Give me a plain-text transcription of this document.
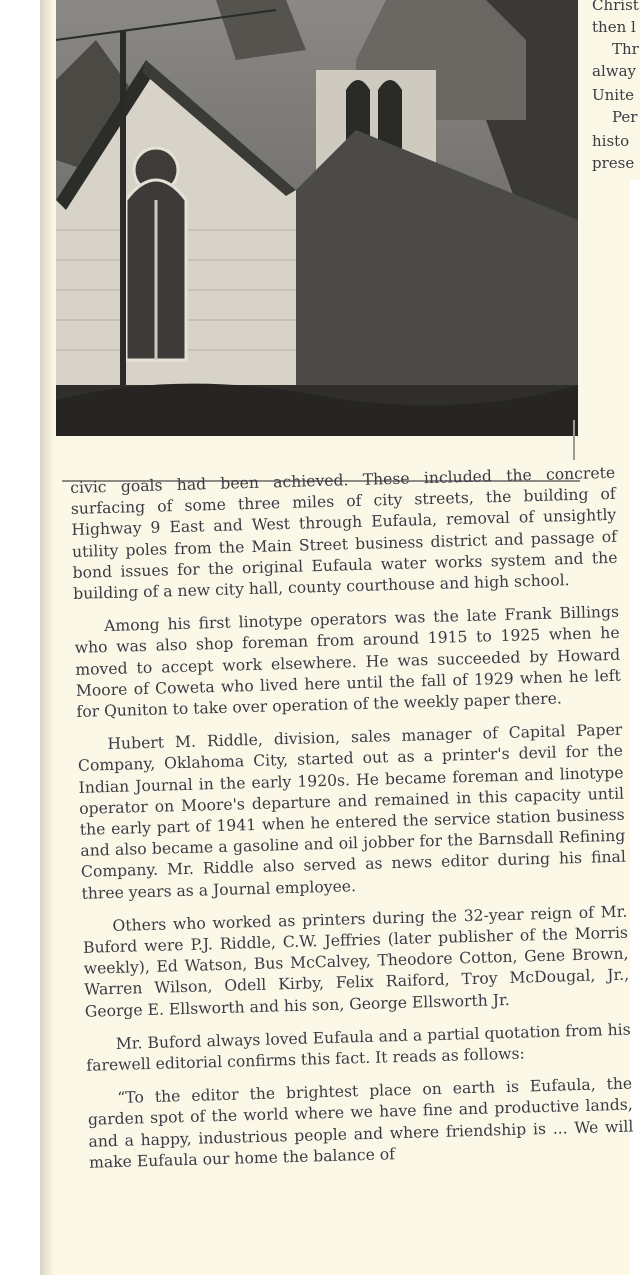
Christ
then l
Thr
alway
Unite
Per
histo
prese

civic goals had been achieved. These included the concrete surfacing of some three miles of city streets, the building of Highway 9 East and West through Eufaula, removal of unsightly utility poles from the Main Street business district and passage of bond issues for the original Eufaula water works system and the building of a new city hall, county courthouse and high school.

Among his first linotype operators was the late Frank Billings who was also shop foreman from around 1915 to 1925 when he moved to accept work elsewhere. He was succeeded by Howard Moore of Coweta who lived here until the fall of 1929 when he left for Quniton to take over operation of the weekly paper there.

Hubert M. Riddle, division, sales manager of Capital Paper Company, Oklahoma City, started out as a printer's devil for the Indian Journal in the early 1920s. He became foreman and linotype operator on Moore's departure and remained in this capacity until the early part of 1941 when he entered the service station business and also became a gasoline and oil jobber for the Barnsdall Refining Company. Mr. Riddle also served as news editor during his final three years as a Journal employee.

Others who worked as printers during the 32-year reign of Mr. Buford were P.J. Riddle, C.W. Jeffries (later publisher of the Morris weekly), Ed Watson, Bus McCalvey, Theodore Cotton, Gene Brown, Warren Wilson, Odell Kirby, Felix Raiford, Troy McDougal, Jr., George E. Ellsworth and his son, George Ellsworth Jr.

Mr. Buford always loved Eufaula and a partial quotation from his farewell editorial confirms this fact. It reads as follows:

“To the editor the brightest place on earth is Eufaula, the garden spot of the world where we have fine and productive lands, and a happy, industrious people and where friendship is ... We will make Eufaula our home the balance of
